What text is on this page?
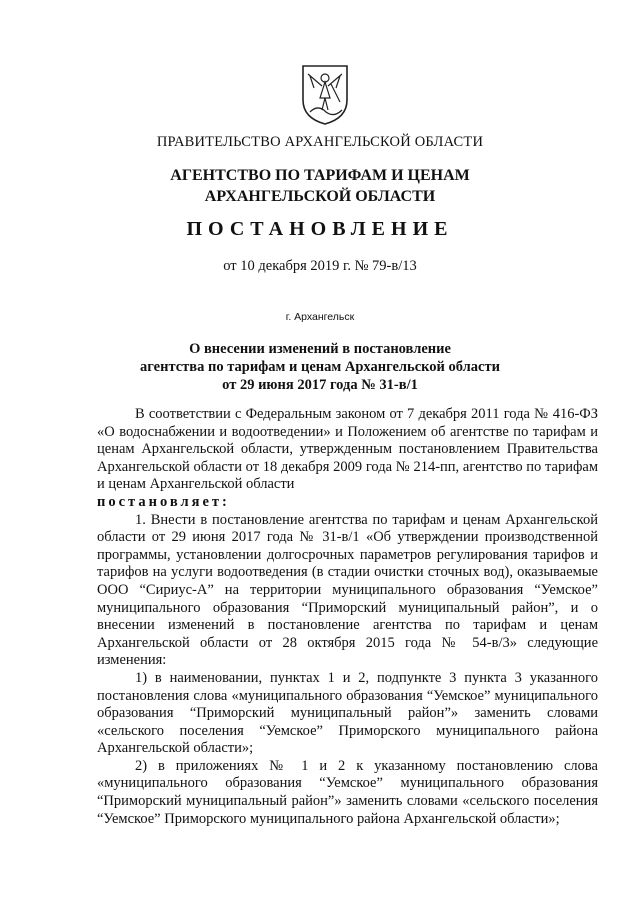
ПРАВИТЕЛЬСТВО АРХАНГЕЛЬСКОЙ ОБЛАСТИ
АГЕНТСТВО ПО ТАРИФАМ И ЦЕНАМ
АРХАНГЕЛЬСКОЙ ОБЛАСТИ
ПОСТАНОВЛЕНИЕ
от 10 декабря 2019 г. № 79-в/13
г. Архангельск
О внесении изменений в постановление
агентства по тарифам и ценам Архангельской области
от 29 июня 2017 года № 31-в/1

В соответствии с Федеральным законом от 7 декабря 2011 года № 416-ФЗ «О водоснабжении и водоотведении» и Положением об агентстве по тарифам и ценам Архангельской области, утвержденным постановлением Правительства Архангельской области от 18 декабря 2009 года № 214-пп, агентство по тарифам и ценам Архангельской области

постановляет:

1. Внести в постановление агентства по тарифам и ценам Архангельской области от 29 июня 2017 года № 31-в/1 «Об утверждении производственной программы, установлении долгосрочных параметров регулирования тарифов и тарифов на услуги водоотведения (в стадии очистки сточных вод), оказываемые ООО “Сириус-А” на территории муниципального образования “Уемское” муниципального образования “Приморский муниципальный район”, и о внесении изменений в постановление агентства по тарифам и ценам Архангельской области от 28 октября 2015 года № 54-в/3» следующие изменения:

1) в наименовании, пунктах 1 и 2, подпункте 3 пункта 3 указанного постановления слова «муниципального образования “Уемское” муниципального образования “Приморский муниципальный район”» заменить словами «сельского поселения “Уемское” Приморского муниципального района Архангельской области»;

2) в приложениях № 1 и 2 к указанному постановлению слова «муниципального образования “Уемское” муниципального образования “Приморский муниципальный район”» заменить словами «сельского поселения “Уемское” Приморского муниципального района Архангельской области»;
